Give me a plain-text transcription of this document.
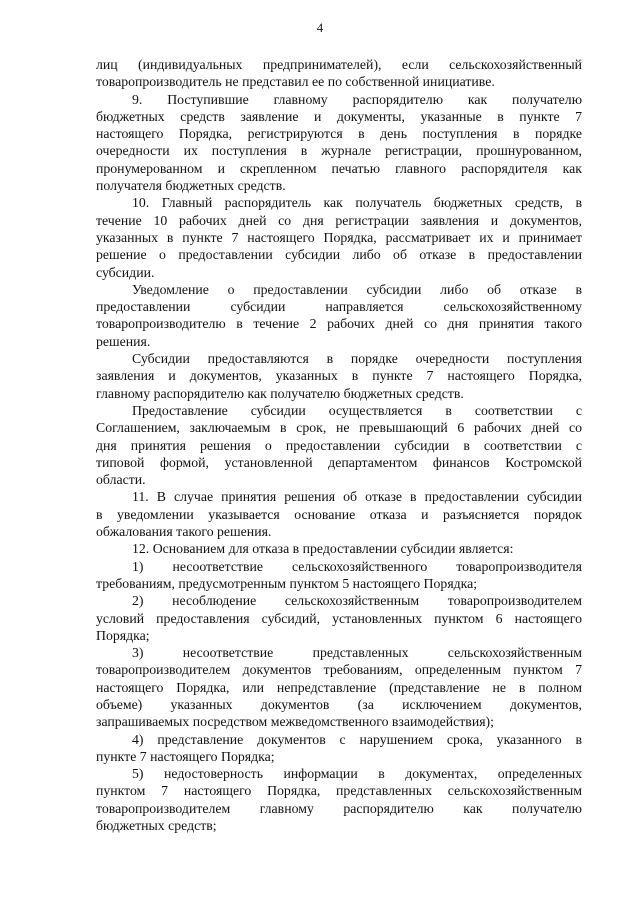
4
лиц (индивидуальных предпринимателей), если сельскохозяйственный
товаропроизводитель не представил ее по собственной инициативе.
9. Поступившие главному распорядителю как получателю
бюджетных средств заявление и документы, указанные в пункте 7
настоящего Порядка, регистрируются в день поступления в порядке
очередности их поступления в журнале регистрации, прошнурованном,
пронумерованном и скрепленном печатью главного распорядителя как
получателя бюджетных средств.
10. Главный распорядитель как получатель бюджетных средств, в
течение 10 рабочих дней со дня регистрации заявления и документов,
указанных в пункте 7 настоящего Порядка, рассматривает их и принимает
решение о предоставлении субсидии либо об отказе в предоставлении
субсидии.
Уведомление о предоставлении субсидии либо об отказе в
предоставлении субсидии направляется сельскохозяйственному
товаропроизводителю в течение 2 рабочих дней со дня принятия такого
решения.
Субсидии предоставляются в порядке очередности поступления
заявления и документов, указанных в пункте 7 настоящего Порядка,
главному распорядителю как получателю бюджетных средств.
Предоставление субсидии осуществляется в соответствии с
Соглашением, заключаемым в срок, не превышающий 6 рабочих дней со
дня принятия решения о предоставлении субсидии в соответствии с
типовой формой, установленной департаментом финансов Костромской
области.
11. В случае принятия решения об отказе в предоставлении субсидии
в уведомлении указывается основание отказа и разъясняется порядок
обжалования такого решения.
12. Основанием для отказа в предоставлении субсидии является:
1) несоответствие сельскохозяйственного товаропроизводителя
требованиям, предусмотренным пунктом 5 настоящего Порядка;
2) несоблюдение сельскохозяйственным товаропроизводителем
условий предоставления субсидий, установленных пунктом 6 настоящего
Порядка;
3) несоответствие представленных сельскохозяйственным
товаропроизводителем документов требованиям, определенным пунктом 7
настоящего Порядка, или непредставление (представление не в полном
объеме) указанных документов (за исключением документов,
запрашиваемых посредством межведомственного взаимодействия);
4) представление документов с нарушением срока, указанного в
пункте 7 настоящего Порядка;
5) недостоверность информации в документах, определенных
пунктом 7 настоящего Порядка, представленных сельскохозяйственным
товаропроизводителем главному распорядителю как получателю
бюджетных средств;
